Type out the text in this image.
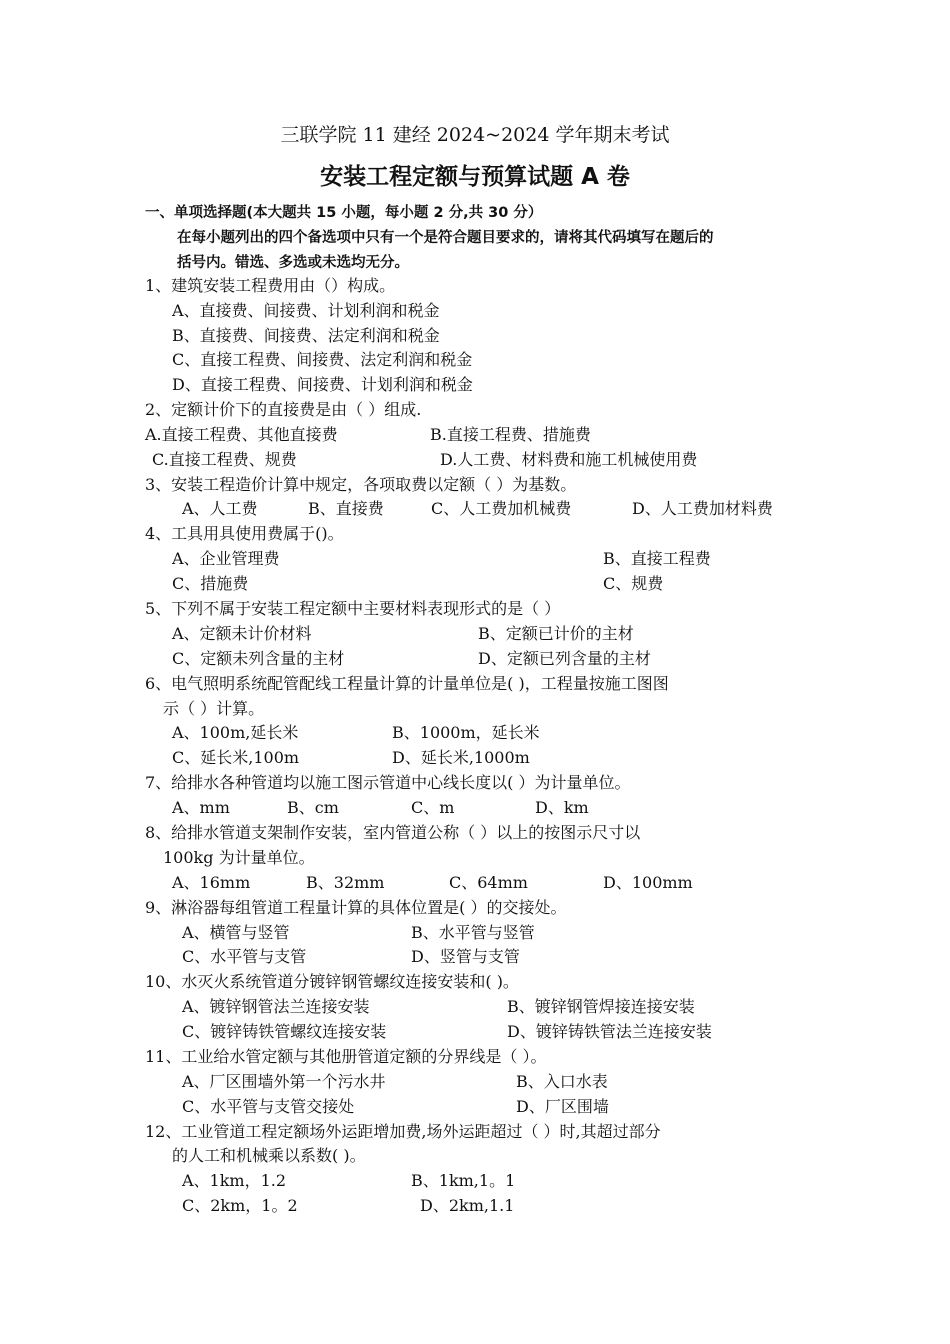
三联学院 11 建经 2024~2024 学年期末考试
安装工程定额与预算试题 A 卷
一、单项选择题(本大题共 15 小题，每小题 2 分,共 30 分）
在每小题列出的四个备选项中只有一个是符合题目要求的，请将其代码填写在题后的
括号内。错选、多选或未选均无分。
1、建筑安装工程费用由（）构成。
A、直接费、间接费、计划利润和税金
B、直接费、间接费、法定利润和税金
C、直接工程费、间接费、法定利润和税金
D、直接工程费、间接费、计划利润和税金
2、定额计价下的直接费是由（ ）组成.
A.直接工程费、其他直接费	B.直接工程费、措施费
C.直接工程费、规费	D.人工费、材料费和施工机械使用费
3、安装工程造价计算中规定，各项取费以定额（ ）为基数。
A、人工费	B、直接费	C、人工费加机械费	D、人工费加材料费
4、工具用具使用费属于()。
A、企业管理费	B、直接工程费
C、措施费	C、规费
5、下列不属于安装工程定额中主要材料表现形式的是（ ）
A、定额未计价材料	B、定额已计价的主材
C、定额未列含量的主材	D、定额已列含量的主材
6、电气照明系统配管配线工程量计算的计量单位是( )，工程量按施工图图
示（ ）计算。
A、100m,延长米	B、1000m，延长米
C、延长米,100m	D、延长米,1000m
7、给排水各种管道均以施工图示管道中心线长度以( ）为计量单位。
A、mm	B、cm	C、m	D、km
8、给排水管道支架制作安装，室内管道公称（ ）以上的按图示尺寸以
100kg 为计量单位。
A、16mm	B、32mm	C、64mm	D、100mm
9、淋浴器每组管道工程量计算的具体位置是( ）的交接处。
A、横管与竖管	B、水平管与竖管
C、水平管与支管	D、竖管与支管
10、水灭火系统管道分镀锌钢管螺纹连接安装和( )。
A、镀锌钢管法兰连接安装	B、镀锌钢管焊接连接安装
C、镀锌铸铁管螺纹连接安装	D、镀锌铸铁管法兰连接安装
11、工业给水管定额与其他册管道定额的分界线是（ ）。
A、厂区围墙外第一个污水井	B、入口水表
C、水平管与支管交接处	D、厂区围墙
12、工业管道工程定额场外运距增加费,场外运距超过（ ）时,其超过部分
的人工和机械乘以系数( )。
A、1km，1.2	B、1km,1。1
C、2km，1。2	D、2km,1.1
